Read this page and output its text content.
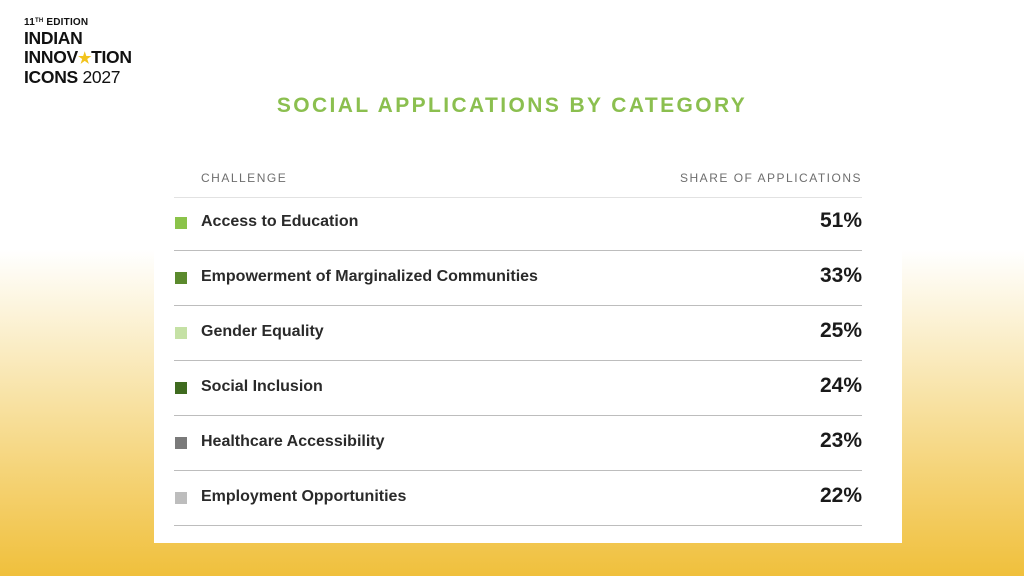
11TH EDITION
INDIAN
INNOV★TION
ICONS 2027
SOCIAL APPLICATIONS BY CATEGORY
CHALLENGE	SHARE OF APPLICATIONS
Access to Education	51%
Empowerment of Marginalized Communities	33%
Gender Equality	25%
Social Inclusion	24%
Healthcare Accessibility	23%
Employment Opportunities	22%
